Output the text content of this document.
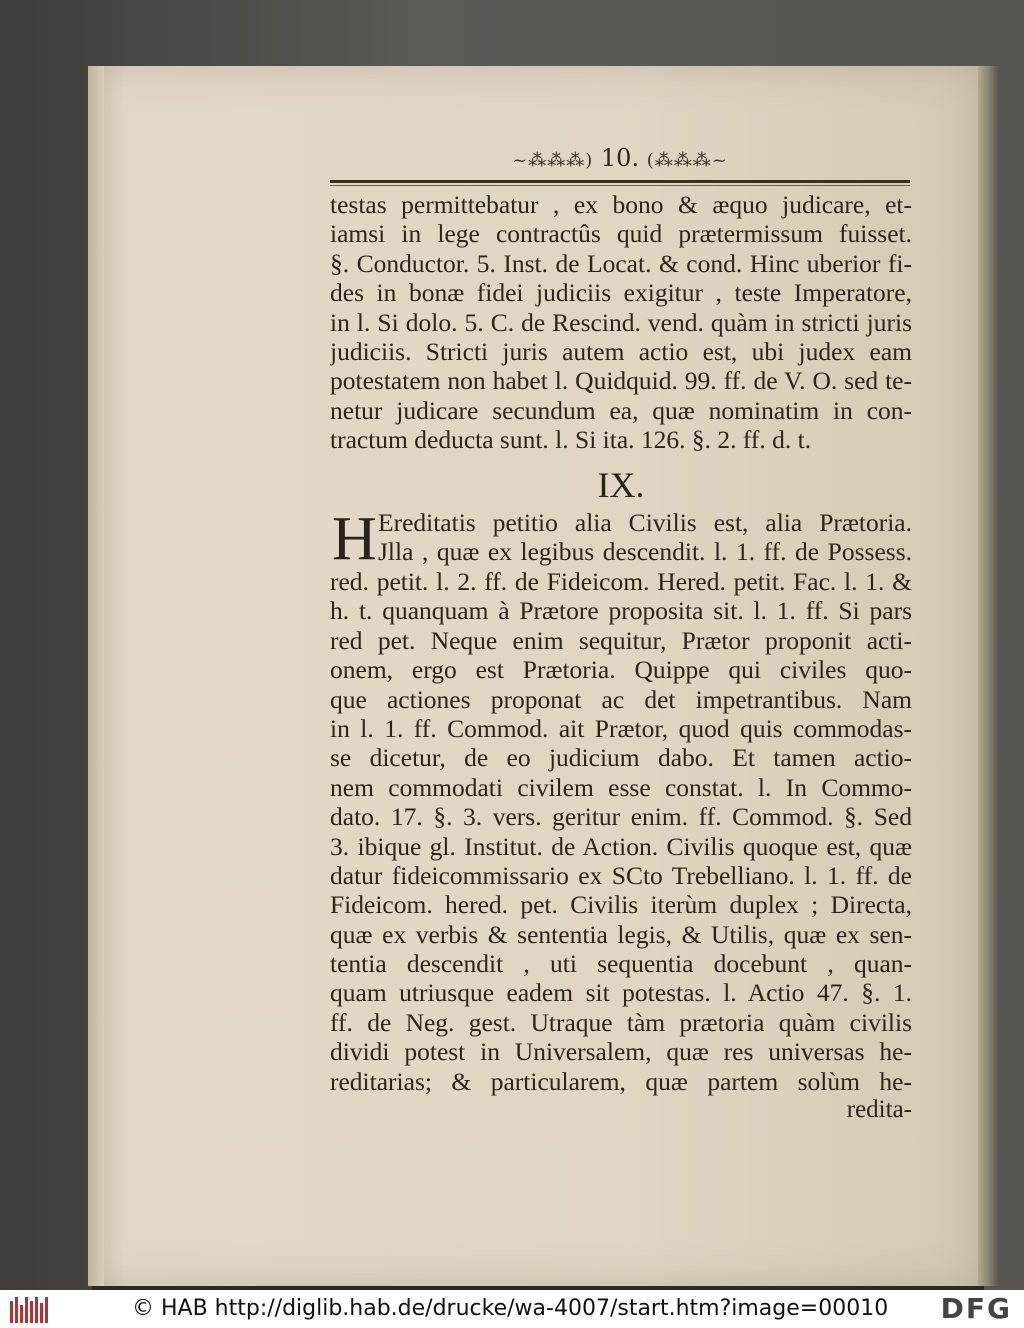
~⁂⁂⁂) 10. (⁂⁂⁂~
testas permittebatur , ex bono & æquo judicare, et-
iamsi in lege contractûs quid prætermissum fuisset.
§. Conductor. 5. Inst. de Locat. & cond. Hinc uberior fi-
des in bonæ fidei judiciis exigitur , teste Imperatore,
in l. Si dolo. 5. C. de Rescind. vend. quàm in stricti juris
judiciis. Stricti juris autem actio est, ubi judex eam
potestatem non habet l. Quidquid. 99. ff. de V. O. sed te-
netur judicare secundum ea, quæ nominatim in con-
tractum deducta sunt. l. Si ita. 126. §. 2. ff. d. t.
IX.
H Ereditatis petitio alia Civilis est, alia Prætoria.
Jlla , quæ ex legibus descendit. l. 1. ff. de Possess.
red. petit. l. 2. ff. de Fideicom. Hered. petit. Fac. l. 1. &
h. t. quanquam à Prætore proposita sit. l. 1. ff. Si pars
red pet. Neque enim sequitur, Prætor proponit acti-
onem, ergo est Prætoria. Quippe qui civiles quo-
que actiones proponat ac det impetrantibus. Nam
in l. 1. ff. Commod. ait Prætor, quod quis commodas-
se dicetur, de eo judicium dabo. Et tamen actio-
nem commodati civilem esse constat. l. In Commo-
dato. 17. §. 3. vers. geritur enim. ff. Commod. §. Sed
3. ibique gl. Institut. de Action. Civilis quoque est, quæ
datur fideicommissario ex SCto Trebelliano. l. 1. ff. de
Fideicom. hered. pet. Civilis iterùm duplex ; Directa,
quæ ex verbis & sententia legis, & Utilis, quæ ex sen-
tentia descendit , uti sequentia docebunt , quan-
quam utriusque eadem sit potestas. l. Actio 47. §. 1.
ff. de Neg. gest. Utraque tàm prætoria quàm civilis
dividi potest in Universalem, quæ res universas he-
reditarias; & particularem, quæ partem solùm he-
redita-
© HAB http://diglib.hab.de/drucke/wa-4007/start.htm?image=00010 DFG
